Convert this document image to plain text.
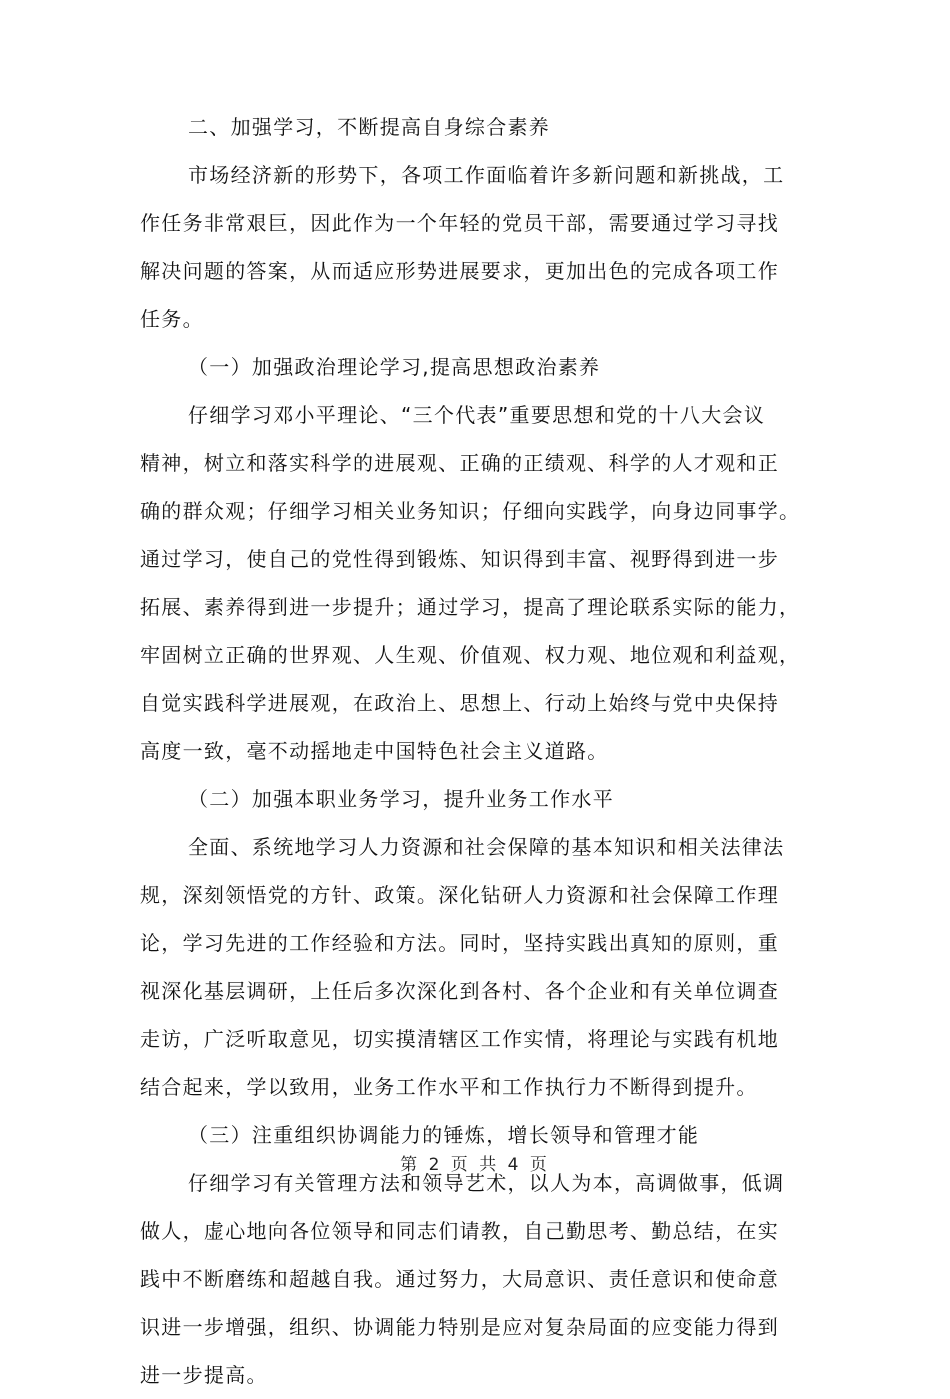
二、加强学习，不断提高自身综合素养
市场经济新的形势下，各项工作面临着许多新问题和新挑战，工
作任务非常艰巨，因此作为一个年轻的党员干部，需要通过学习寻找
解决问题的答案，从而适应形势进展要求，更加出色的完成各项工作
任务。
（一）加强政治理论学习,提高思想政治素养
仔细学习邓小平理论、“三个代表”重要思想和党的十八大会议
精神，树立和落实科学的进展观、正确的正绩观、科学的人才观和正
确的群众观；仔细学习相关业务知识；仔细向实践学，向身边同事学。
通过学习，使自己的党性得到锻炼、知识得到丰富、视野得到进一步
拓展、素养得到进一步提升；通过学习，提高了理论联系实际的能力，
牢固树立正确的世界观、人生观、价值观、权力观、地位观和利益观，
自觉实践科学进展观，在政治上、思想上、行动上始终与党中央保持
高度一致，毫不动摇地走中国特色社会主义道路。
（二）加强本职业务学习，提升业务工作水平
全面、系统地学习人力资源和社会保障的基本知识和相关法律法
规，深刻领悟党的方针、政策。深化钻研人力资源和社会保障工作理
论，学习先进的工作经验和方法。同时，坚持实践出真知的原则，重
视深化基层调研，上任后多次深化到各村、各个企业和有关单位调查
走访，广泛听取意见，切实摸清辖区工作实情，将理论与实践有机地
结合起来，学以致用，业务工作水平和工作执行力不断得到提升。
（三）注重组织协调能力的锤炼，增长领导和管理才能
仔细学习有关管理方法和领导艺术，以人为本，高调做事，低调
做人，虚心地向各位领导和同志们请教，自己勤思考、勤总结，在实
践中不断磨练和超越自我。通过努力，大局意识、责任意识和使命意
识进一步增强，组织、协调能力特别是应对复杂局面的应变能力得到
进一步提高。
第 2 页 共 4 页
